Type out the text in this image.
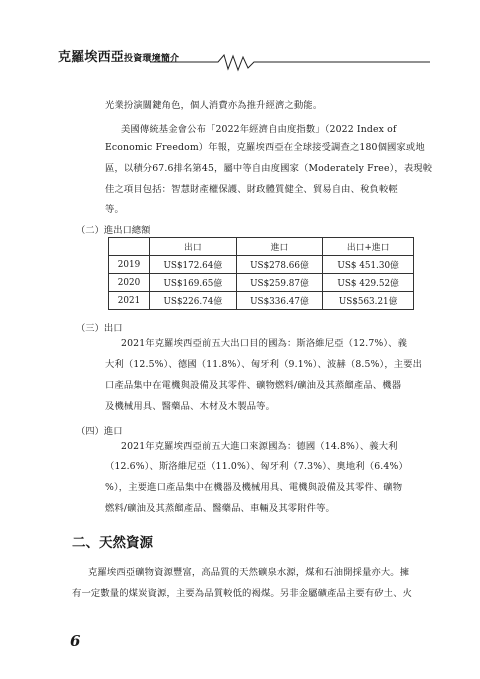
克羅埃西亞投資環境簡介
光業扮演關鍵角色，個人消費亦為推升經濟之動能。
美國傳統基金會公布「2022年經濟自由度指數」（2022 Index of
Economic Freedom）年報，克羅埃西亞在全球接受調查之180個國家或地
區，以積分67.6排名第45，屬中等自由度國家（Moderately Free），表現較
佳之項目包括：智慧財產權保護、財政體質健全、貿易自由、稅負較輕
等。
（二）進出口總額
	出口	進口	出口+進口
2019	US$172.64億	US$278.66億	US$ 451.30億
2020	US$169.65億	US$259.87億	US$ 429.52億
2021	US$226.74億	US$336.47億	US$563.21億
（三）出口
2021年克羅埃西亞前五大出口目的國為：斯洛維尼亞（12.7%）、義
大利（12.5%）、德國（11.8%）、匈牙利（9.1%）、波赫（8.5%），主要出
口產品集中在電機與設備及其零件、礦物燃料/礦油及其蒸餾產品、機器
及機械用具、醫藥品、木材及木製品等。
（四）進口
2021年克羅埃西亞前五大進口來源國為：德國（14.8%）、義大利
（12.6%）、斯洛維尼亞（11.0%）、匈牙利（7.3%）、奧地利（6.4%）
%），主要進口產品集中在機器及機械用具、電機與設備及其零件、礦物
燃料/礦油及其蒸餾產品、醫藥品、車輛及其零附件等。
二、天然資源
克羅埃西亞礦物資源豐富，高品質的天然礦泉水源，煤和石油開採量亦大。擁
有一定數量的煤炭資源，主要為品質較低的褐煤。另非金屬礦產品主要有矽土、火
6
